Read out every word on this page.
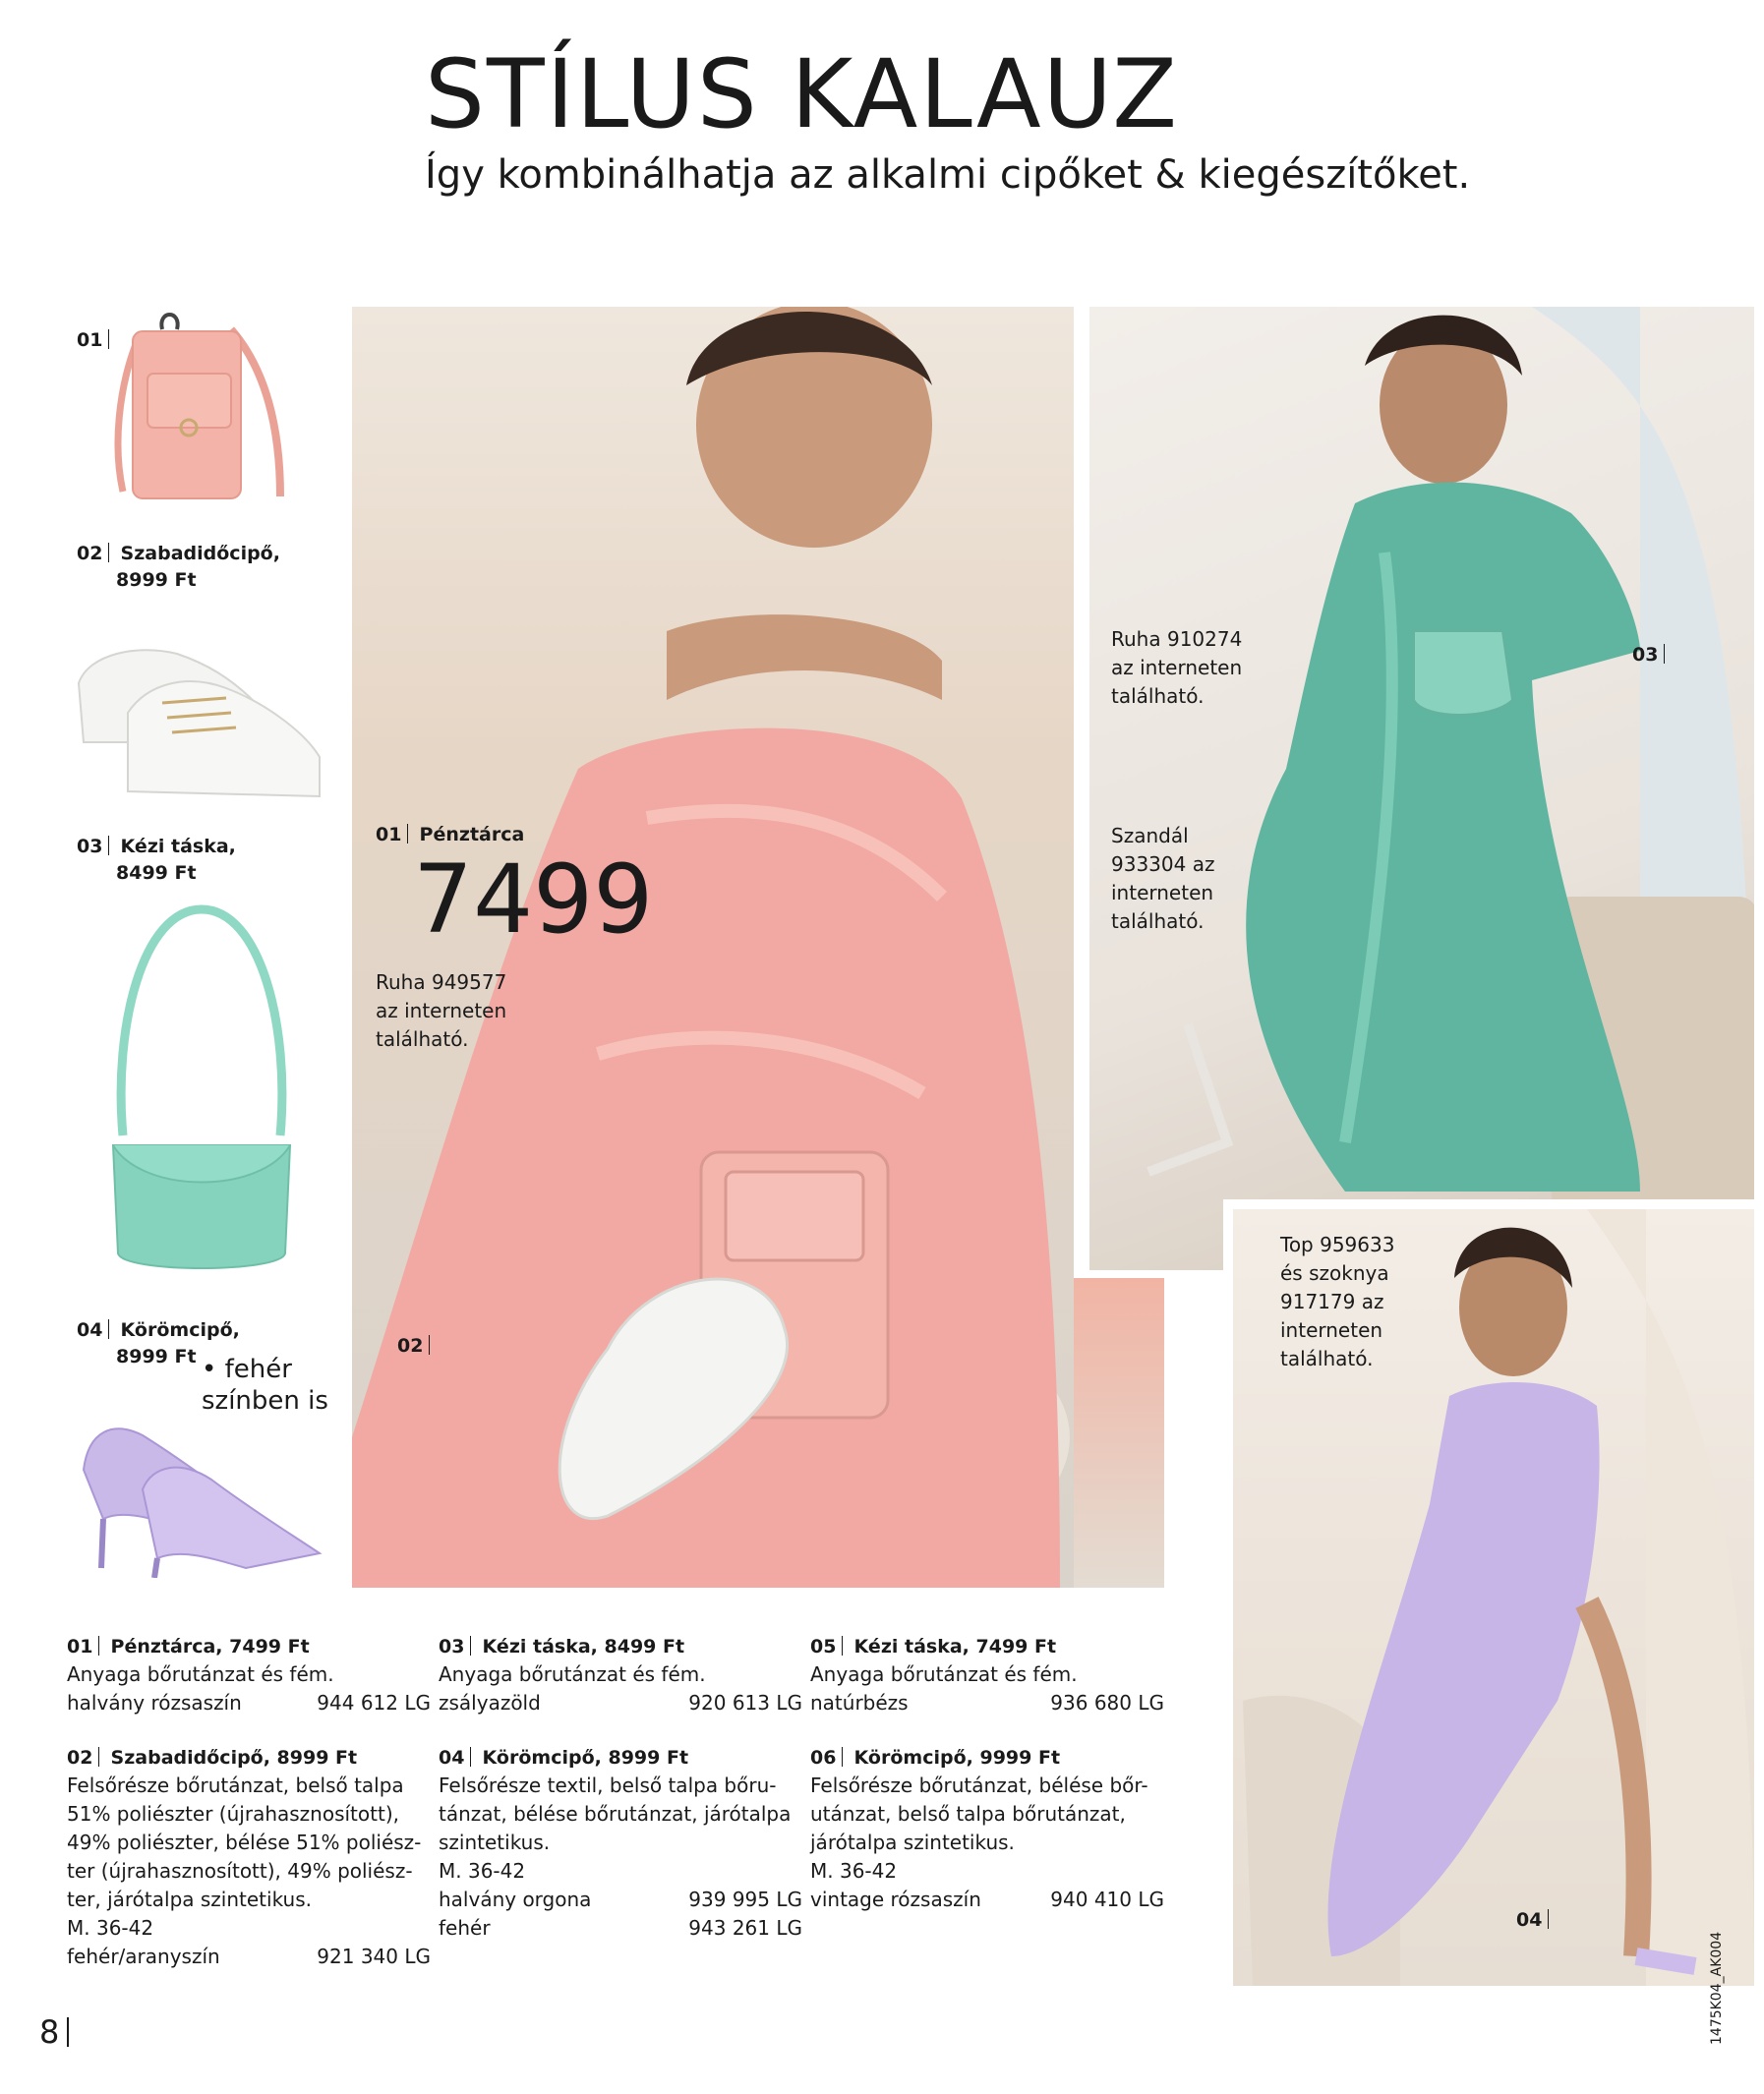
STÍLUS KALAUZ
Így kombinálhatja az alkalmi cipőket & kiegészítőket.
01
02 Szabadidőcipő,
8999 Ft
03 Kézi táska,
8499 Ft
04 Körömcipő,
8999 Ft • fehér színben is
01 Pénztárca
7499
Ruha 949577 az interneten található.
02
Ruha 910274 az interneten található.
Szandál 933304 az interneten található.
03
Top 959633 és szoknya 917179 az interneten található.
04
01 Pénztárca, 7499 Ft
Anyaga bőrutánzat és fém.
halvány rózsaszín	944 612 LG
02 Szabadidőcipő, 8999 Ft
Felsőrésze bőrutánzat, belső talpa
51% poliészter (újrahasznosított),
49% poliészter, bélése 51% poliész-
ter (újrahasznosított), 49% poliész-
ter, járótalpa szintetikus.
M. 36-42
fehér/aranyszín	921 340 LG
03 Kézi táska, 8499 Ft
Anyaga bőrutánzat és fém.
zsályazöld	920 613 LG
04 Körömcipő, 8999 Ft
Felsőrésze textil, belső talpa bőru-
tánzat, bélése bőrutánzat, járótalpa
szintetikus.
M. 36-42
halvány orgona	939 995 LG
fehér	943 261 LG
05 Kézi táska, 7499 Ft
Anyaga bőrutánzat és fém.
natúrbézs	936 680 LG
06 Körömcipő, 9999 Ft
Felsőrésze bőrutánzat, bélése bőr-
utánzat, belső talpa bőrutánzat,
járótalpa szintetikus.
M. 36-42
vintage rózsaszín	940 410 LG
8	1475K04_AK004
